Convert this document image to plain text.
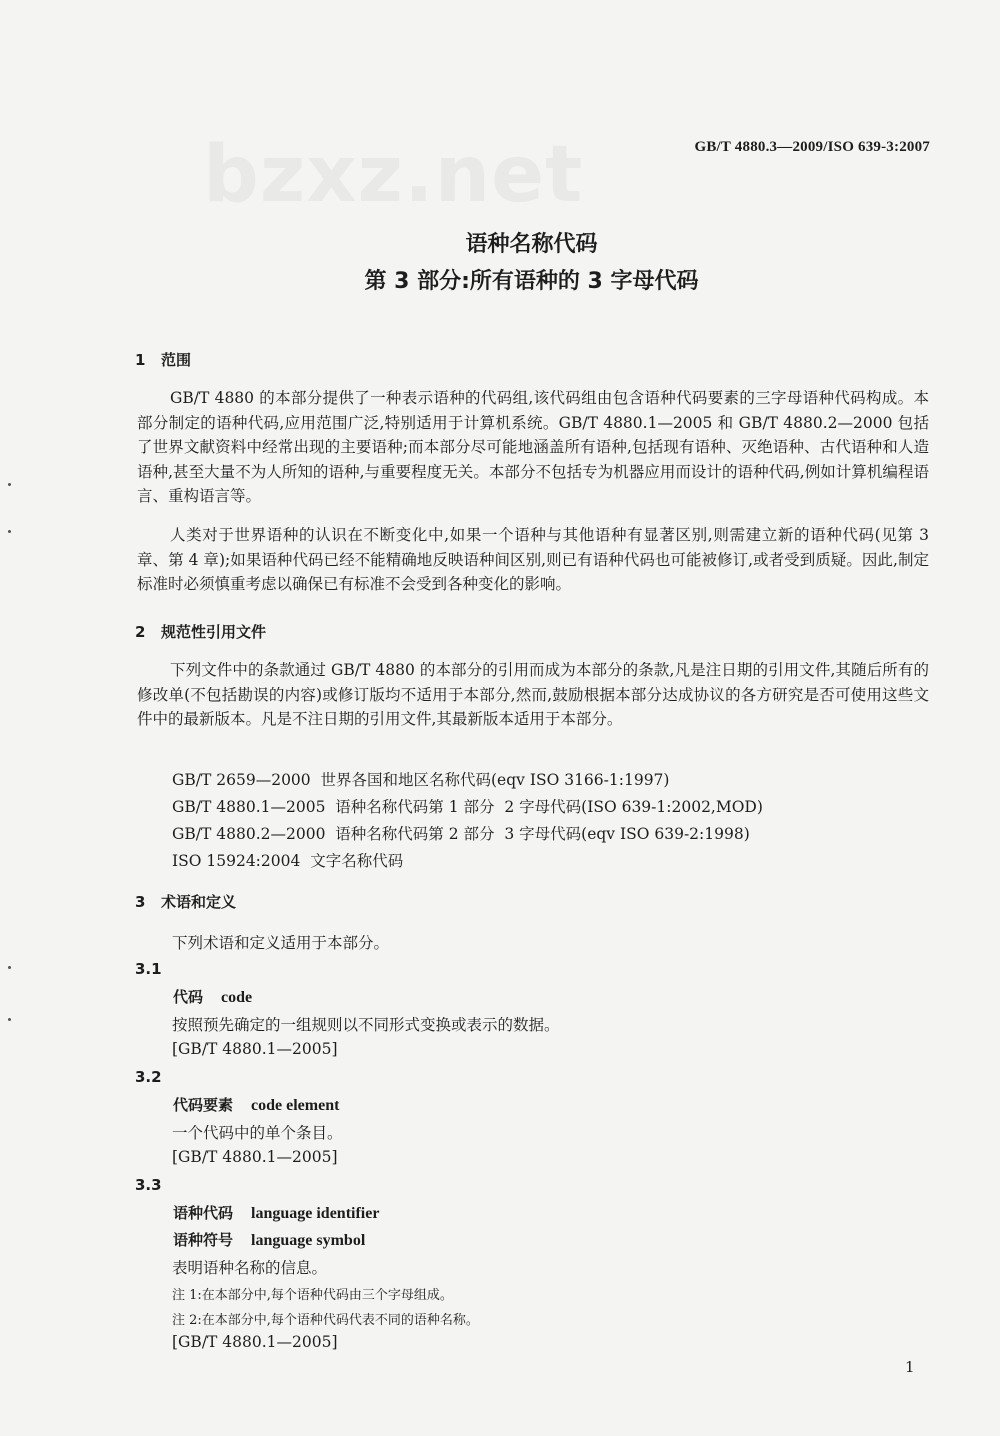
bzxz.net	GB/T 4880.3—2009/ISO 639-3:2007
语种名称代码
第 3 部分:所有语种的 3 字母代码
1 范围
GB/T 4880 的本部分提供了一种表示语种的代码组,该代码组由包含语种代码要素的三字母语种代码构成。本部分制定的语种代码,应用范围广泛,特别适用于计算机系统。GB/T 4880.1—2005 和 GB/T 4880.2—2000 包括了世界文献资料中经常出现的主要语种;而本部分尽可能地涵盖所有语种,包括现有语种、灭绝语种、古代语种和人造语种,甚至大量不为人所知的语种,与重要程度无关。本部分不包括专为机器应用而设计的语种代码,例如计算机编程语言、重构语言等。
人类对于世界语种的认识在不断变化中,如果一个语种与其他语种有显著区别,则需建立新的语种代码(见第 3 章、第 4 章);如果语种代码已经不能精确地反映语种间区别,则已有语种代码也可能被修订,或者受到质疑。因此,制定标准时必须慎重考虑以确保已有标准不会受到各种变化的影响。
2 规范性引用文件
下列文件中的条款通过 GB/T 4880 的本部分的引用而成为本部分的条款,凡是注日期的引用文件,其随后所有的修改单(不包括勘误的内容)或修订版均不适用于本部分,然而,鼓励根据本部分达成协议的各方研究是否可使用这些文件中的最新版本。凡是不注日期的引用文件,其最新版本适用于本部分。
GB/T 2659—2000  世界各国和地区名称代码(eqv ISO 3166-1:1997)
GB/T 4880.1—2005  语种名称代码第 1 部分  2 字母代码(ISO 639-1:2002,MOD)
GB/T 4880.2—2000  语种名称代码第 2 部分  3 字母代码(eqv ISO 639-2:1998)
ISO 15924:2004  文字名称代码
3 术语和定义
下列术语和定义适用于本部分。
3.1
代码 code
按照预先确定的一组规则以不同形式变换或表示的数据。
[GB/T 4880.1—2005]
3.2
代码要素 code element
一个代码中的单个条目。
[GB/T 4880.1—2005]
3.3
语种代码 language identifier
语种符号 language symbol
表明语种名称的信息。
注 1:在本部分中,每个语种代码由三个字母组成。
注 2:在本部分中,每个语种代码代表不同的语种名称。
[GB/T 4880.1—2005]
1
